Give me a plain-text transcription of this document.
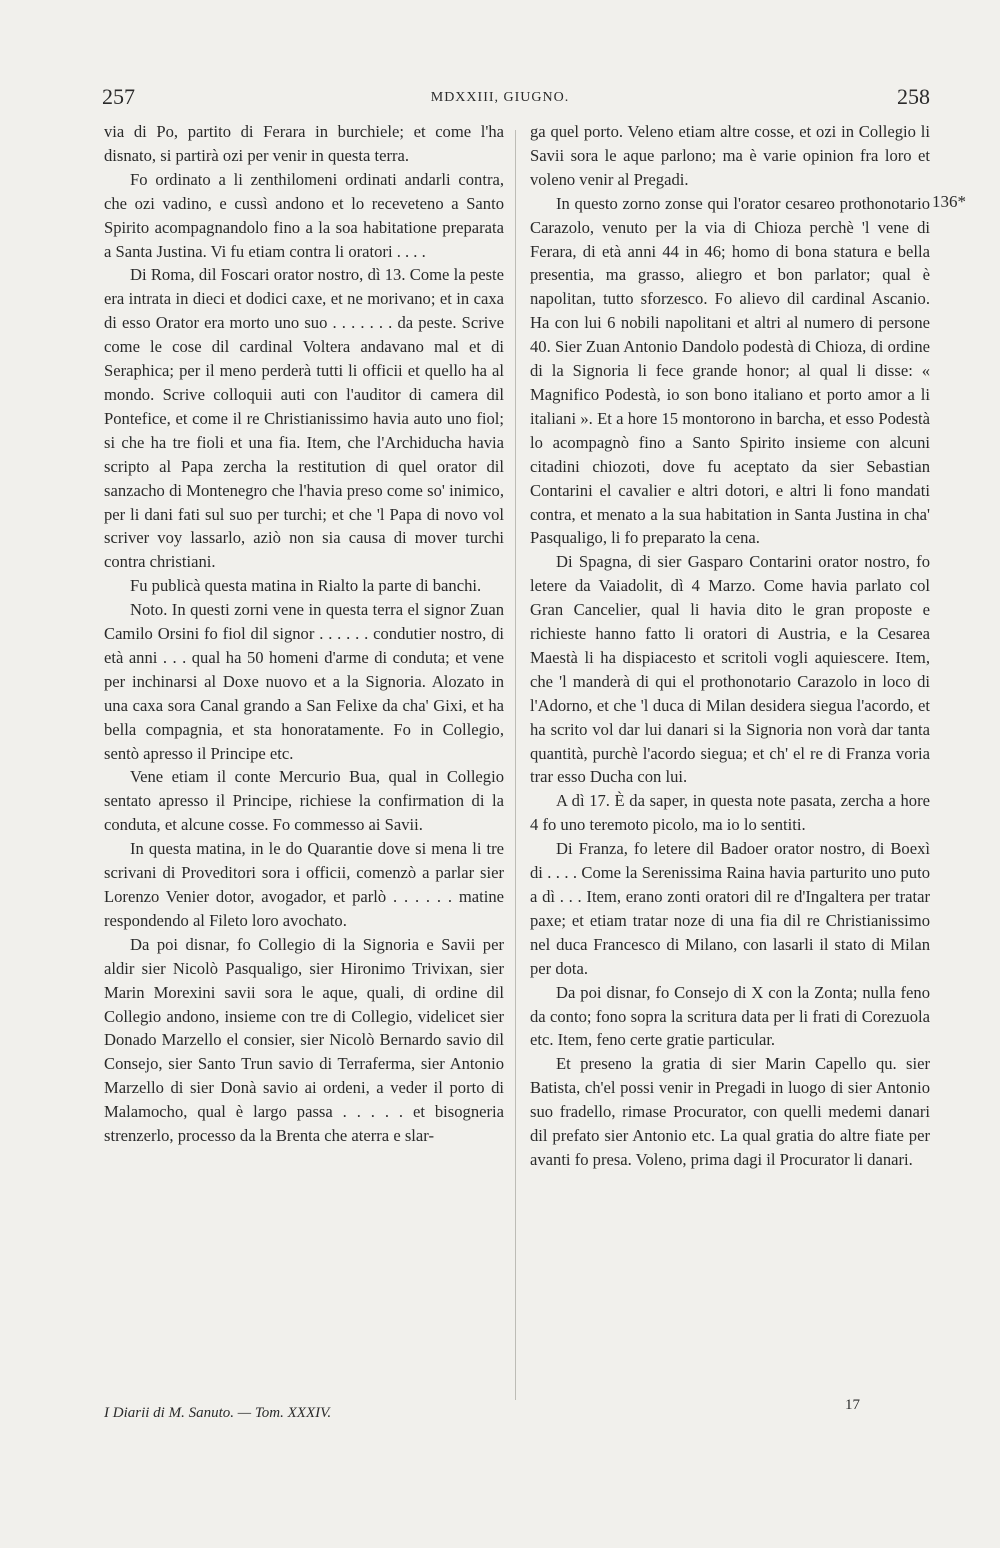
257	MDXXIII, GIUGNO.	258

via di Po, partito di Ferara in burchiele; et come l'ha disnato, si partirà ozi per venir in questa terra.

Fo ordinato a li zenthilomeni ordinati andarli contra, che ozi vadino, e cussì andono et lo receveteno a Santo Spirito acompagnandolo fino a la soa habitatione preparata a Santa Justina. Vi fu etiam contra li oratori . . . .

Di Roma, dil Foscari orator nostro, dì 13. Come la peste era intrata in dieci et dodici caxe, et ne morivano; et in caxa di esso Orator era morto uno suo . . . . . . . da peste. Scrive come le cose dil cardinal Voltera andavano mal et di Seraphica; per il meno perderà tutti li officii et quello ha al mondo. Scrive colloquii auti con l'auditor di camera dil Pontefice, et come il re Christianissimo havia auto uno fiol; si che ha tre fioli et una fia. Item, che l'Archiducha havia scripto al Papa zercha la restitution di quel orator dil sanzacho di Montenegro che l'havia preso come so' inimico, per li dani fati sul suo per turchi; et che 'l Papa di novo vol scriver voy lassarlo, aziò non sia causa di mover turchi contra christiani.

Fu publicà questa matina in Rialto la parte di banchi.

Noto. In questi zorni vene in questa terra el signor Zuan Camilo Orsini fo fiol dil signor . . . . . . condutier nostro, di età anni . . . qual ha 50 homeni d'arme di conduta; et vene per inchinarsi al Doxe nuovo et a la Signoria. Alozato in una caxa sora Canal grando a San Felixe da cha' Gixi, et ha bella compagnia, et sta honoratamente. Fo in Collegio, sentò apresso il Principe etc.

Vene etiam il conte Mercurio Bua, qual in Collegio sentato apresso il Principe, richiese la confirmation di la conduta, et alcune cosse. Fo commesso ai Savii.

In questa matina, in le do Quarantie dove si mena li tre scrivani di Proveditori sora i officii, comenzò a parlar sier Lorenzo Venier dotor, avogador, et parlò . . . . . . matine respondendo al Fileto loro avochato.

Da poi disnar, fo Collegio di la Signoria e Savii per aldir sier Nicolò Pasqualigo, sier Hironimo Trivixan, sier Marin Morexini savii sora le aque, quali, di ordine dil Collegio andono, insieme con tre di Collegio, videlicet sier Donado Marzello el consier, sier Nicolò Bernardo savio dil Consejo, sier Santo Trun savio di Terraferma, sier Antonio Marzello di sier Donà savio ai ordeni, a veder il porto di Malamocho, qual è largo passa . . . . . et bisogneria strenzerlo, processo da la Brenta che aterra e slar-

ga quel porto. Veleno etiam altre cosse, et ozi in Collegio li Savii sora le aque parlono; ma è varie opinion fra loro et voleno venir al Pregadi.

In questo zorno zonse qui l'orator cesareo prothonotario Carazolo, venuto per la via di Chioza perchè 'l vene di Ferara, di età anni 44 in 46; homo di bona statura e bella presentia, ma grasso, aliegro et bon parlator; qual è napolitan, tutto sforzesco. Fo alievo dil cardinal Ascanio. Ha con lui 6 nobili napolitani et altri al numero di persone 40. Sier Zuan Antonio Dandolo podestà di Chioza, di ordine di la Signoria li fece grande honor; al qual li disse: « Magnifico Podestà, io son bono italiano et porto amor a li italiani ». Et a hore 15 montorono in barcha, et esso Podestà lo acompagnò fino a Santo Spirito insieme con alcuni citadini chiozoti, dove fu aceptato da sier Sebastian Contarini el cavalier e altri dotori, e altri li fono mandati contra, et menato a la sua habitation in Santa Justina in cha' Pasqualigo, li fo preparato la cena.

Di Spagna, di sier Gasparo Contarini orator nostro, fo letere da Vaiadolit, dì 4 Marzo. Come havia parlato col Gran Cancelier, qual li havia dito le gran proposte e richieste hanno fatto li oratori di Austria, e la Cesarea Maestà li ha dispiacesto et scritoli vogli aquiescere. Item, che 'l manderà di qui el prothonotario Carazolo in loco di l'Adorno, et che 'l duca di Milan desidera siegua l'acordo, et ha scrito vol dar lui danari si la Signoria non vorà dar tanta quantità, purchè l'acordo siegua; et ch' el re di Franza voria trar esso Ducha con lui.

A dì 17. È da saper, in questa note pasata, zercha a hore 4 fo uno teremoto picolo, ma io lo sentiti.

Di Franza, fo letere dil Badoer orator nostro, di Boexì di . . . . Come la Serenissima Raina havia parturito uno puto a dì . . . Item, erano zonti oratori dil re d'Ingaltera per tratar paxe; et etiam tratar noze di una fia dil re Christianissimo nel duca Francesco di Milano, con lasarli il stato di Milan per dota.

Da poi disnar, fo Consejo di X con la Zonta; nulla feno da conto; fono sopra la scritura data per li frati di Corezuola etc. Item, feno certe gratie particular.

Et preseno la gratia di sier Marin Capello qu. sier Batista, ch'el possi venir in Pregadi in luogo di sier Antonio suo fradello, rimase Procurator, con quelli medemi danari dil prefato sier Antonio etc. La qual gratia do altre fiate per avanti fo presa. Voleno, prima dagi il Procurator li danari.

136*
I Diarii di M. Sanuto. — Tom. XXXIV.	17
